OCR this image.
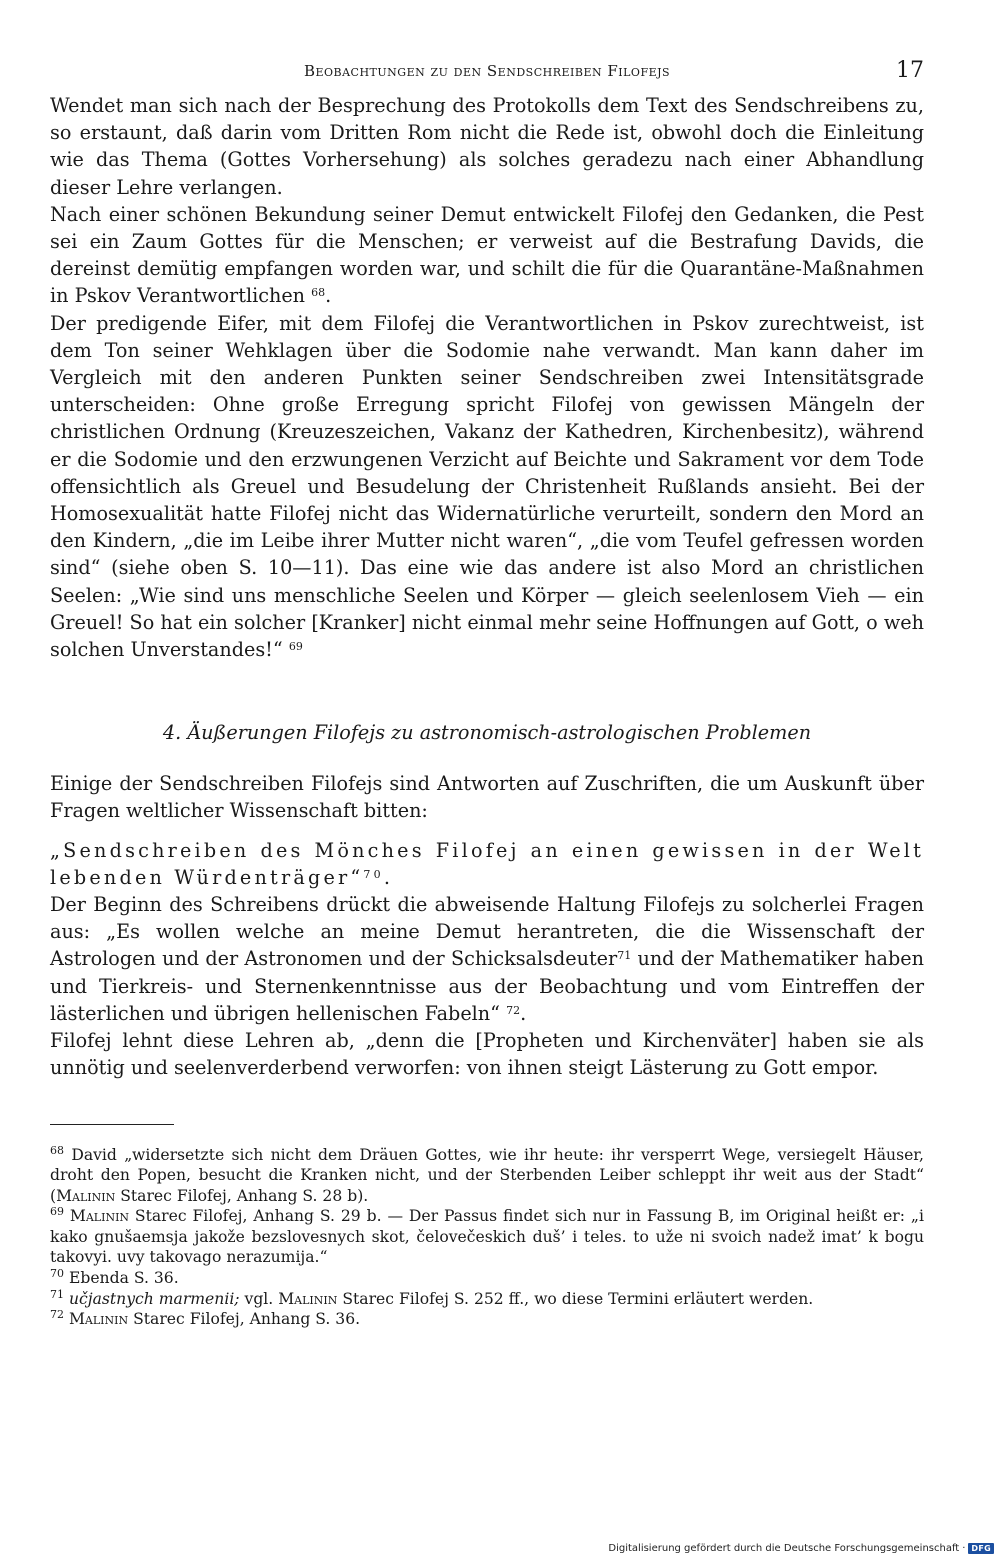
Beobachtungen zu den Sendschreiben Filofejs	17

Wendet man sich nach der Besprechung des Protokolls dem Text des Sendschreibens zu, so erstaunt, daß darin vom Dritten Rom nicht die Rede ist, obwohl doch die Einleitung wie das Thema (Gottes Vorhersehung) als solches geradezu nach einer Abhandlung dieser Lehre verlangen.

Nach einer schönen Bekundung seiner Demut entwickelt Filofej den Gedanken, die Pest sei ein Zaum Gottes für die Menschen; er verweist auf die Bestrafung Davids, die dereinst demütig empfangen worden war, und schilt die für die Quarantäne-Maßnahmen in Pskov Verantwortlichen $^{68}$.

Der predigende Eifer, mit dem Filofej die Verantwortlichen in Pskov zurechtweist, ist dem Ton seiner Wehklagen über die Sodomie nahe verwandt. Man kann daher im Vergleich mit den anderen Punkten seiner Sendschreiben zwei Intensitätsgrade unterscheiden: Ohne große Erregung spricht Filofej von gewissen Mängeln der christlichen Ordnung (Kreuzeszeichen, Vakanz der Kathedren, Kirchenbesitz), während er die Sodomie und den erzwungenen Verzicht auf Beichte und Sakrament vor dem Tode offensichtlich als Greuel und Besudelung der Christenheit Rußlands ansieht. Bei der Homosexualität hatte Filofej nicht das Widernatürliche verurteilt, sondern den Mord an den Kindern, „die im Leibe ihrer Mutter nicht waren“, „die vom Teufel gefressen worden sind“ (siehe oben S. 10—11). Das eine wie das andere ist also Mord an christlichen Seelen: „Wie sind uns menschliche Seelen und Körper — gleich seelenlosem Vieh — ein Greuel! So hat ein solcher [Kranker] nicht einmal mehr seine Hoffnungen auf Gott, o weh solchen Unverstandes!“ $^{69}$

4. Äußerungen Filofejs zu astronomisch-astrologischen Problemen

Einige der Sendschreiben Filofejs sind Antworten auf Zuschriften, die um Auskunft über Fragen weltlicher Wissenschaft bitten:

„Sendschreiben des Mönches Filofej an einen gewissen in der Welt lebenden Würdenträger“$^{70}$.

Der Beginn des Schreibens drückt die abweisende Haltung Filofejs zu solcherlei Fragen aus: „Es wollen welche an meine Demut herantreten, die die Wissenschaft der Astrologen und der Astronomen und der Schicksalsdeuter$^{71}$ und der Mathematiker haben und Tierkreis- und Sternenkenntnisse aus der Beobachtung und vom Eintreffen der lästerlichen und übrigen hellenischen Fabeln“ $^{72}$.

Filofej lehnt diese Lehren ab, „denn die [Propheten und Kirchenväter] haben sie als unnötig und seelenverderbend verworfen: von ihnen steigt Lästerung zu Gott empor.

$^{68}$ David „widersetzte sich nicht dem Dräuen Gottes, wie ihr heute: ihr versperrt Wege, versiegelt Häuser, droht den Popen, besucht die Kranken nicht, und der Sterbenden Leiber schleppt ihr weit aus der Stadt“ (Malinin Starec Filofej, Anhang S. 28 b).

$^{69}$ Malinin Starec Filofej, Anhang S. 29 b. — Der Passus findet sich nur in Fassung B, im Original heißt er: „i kako gnušaemsja jakože bezslovesnych skot, čelovečeskich duš’ i teles. to uže ni svoich nadež imat’ k bogu takovyi. uvy takovago nerazumija.“

$^{70}$ Ebenda S. 36.

$^{71}$ učjastnych marmenii; vgl. Malinin Starec Filofej S. 252 ff., wo diese Termini erläutert werden.

$^{72}$ Malinin Starec Filofej, Anhang S. 36.

Digitalisierung gefördert durch die Deutsche Forschungsgemeinschaft · DFG
